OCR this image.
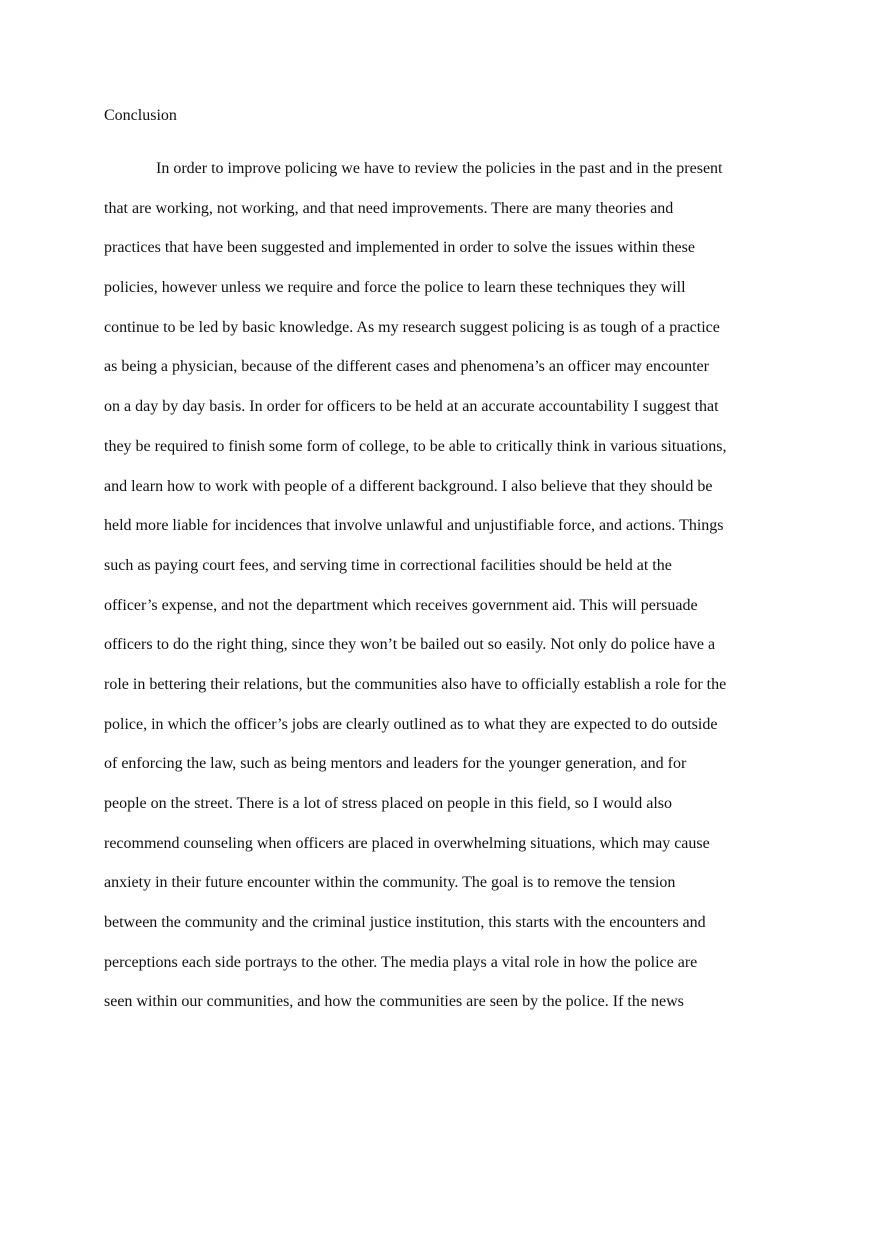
Conclusion
In order to improve policing we have to review the policies in the past and in the present
that are working, not working, and that need improvements. There are many theories and
practices that have been suggested and implemented in order to solve the issues within these
policies, however unless we require and force the police to learn these techniques they will
continue to be led by basic knowledge. As my research suggest policing is as tough of a practice
as being a physician, because of the different cases and phenomena’s an officer may encounter
on a day by day basis. In order for officers to be held at an accurate accountability I suggest that
they be required to finish some form of college, to be able to critically think in various situations,
and learn how to work with people of a different background. I also believe that they should be
held more liable for incidences that involve unlawful and unjustifiable force, and actions. Things
such as paying court fees, and serving time in correctional facilities should be held at the
officer’s expense, and not the department which receives government aid. This will persuade
officers to do the right thing, since they won’t be bailed out so easily. Not only do police have a
role in bettering their relations, but the communities also have to officially establish a role for the
police, in which the officer’s jobs are clearly outlined as to what they are expected to do outside
of enforcing the law, such as being mentors and leaders for the younger generation, and for
people on the street. There is a lot of stress placed on people in this field, so I would also
recommend counseling when officers are placed in overwhelming situations, which may cause
anxiety in their future encounter within the community. The goal is to remove the tension
between the community and the criminal justice institution, this starts with the encounters and
perceptions each side portrays to the other. The media plays a vital role in how the police are
seen within our communities, and how the communities are seen by the police. If the news
